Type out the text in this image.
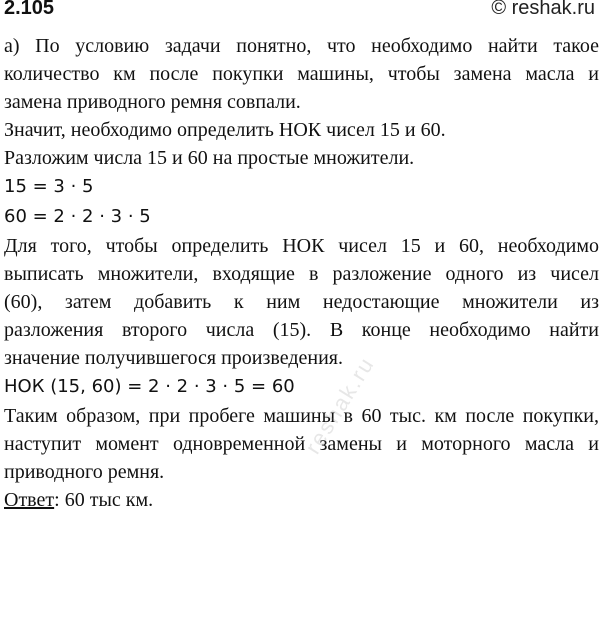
2.105	© reshak.ru
а) По условию задачи понятно, что необходимо найти такое
количество км после покупки машины, чтобы замена масла и
замена приводного ремня совпали.
Значит, необходимо определить НОК чисел 15 и 60.
Разложим числа 15 и 60 на простые множители.
15 = 3 · 5
60 = 2 · 2 · 3 · 5
Для того, чтобы определить НОК чисел 15 и 60, необходимо
выписать множители, входящие в разложение одного из чисел
(60), затем добавить к ним недостающие множители из
разложения второго числа (15). В конце необходимо найти
значение получившегося произведения.
НОК (15, 60) = 2 · 2 · 3 · 5 = 60
Таким образом, при пробеге машины в 60 тыс. км после покупки,
наступит момент одновременной замены и моторного масла и
приводного ремня.
Ответ: 60 тыс км.
reshak.ru
